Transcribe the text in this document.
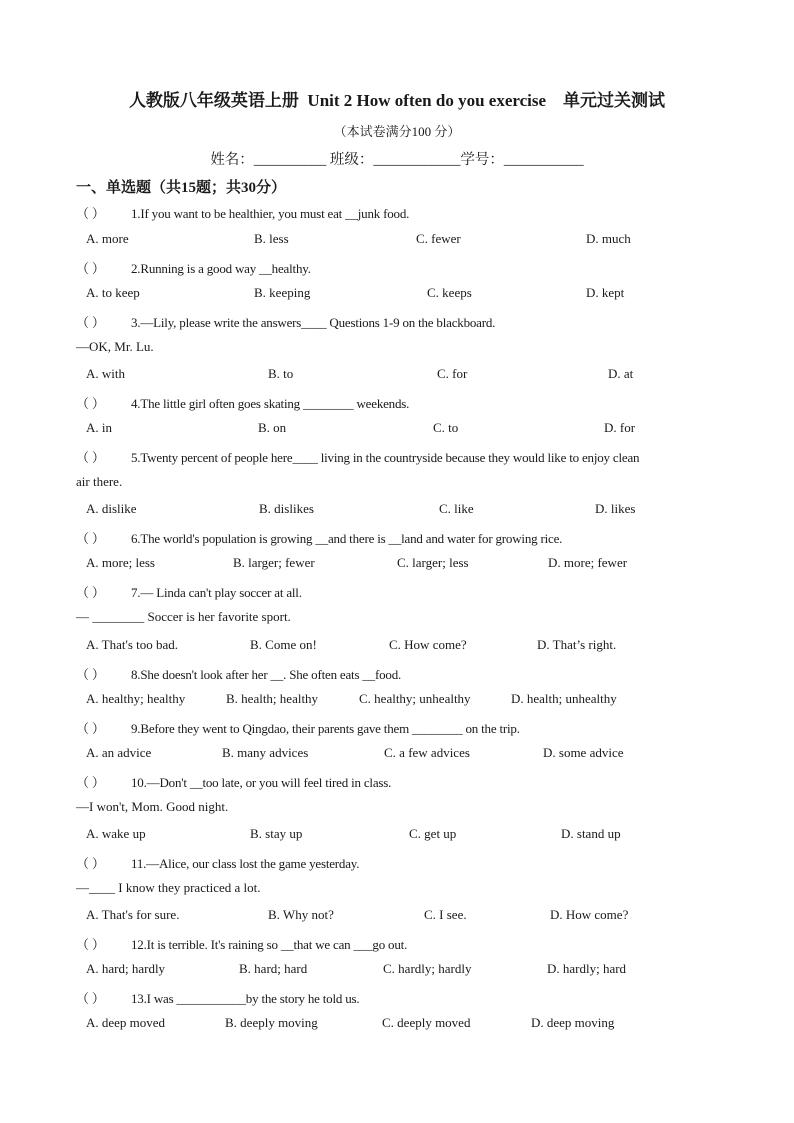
人教版八年级英语上册  Unit 2 How often do you exercise    单元过关测试
（本试卷满分100 分）
姓名：__________ 班级：____________学号：___________
一、单选题（共15题；共30分）
（ ） 1.If you want to be healthier, you must eat __junk food.
A. more	B. less	C. fewer	D. much
（ ） 2.Running is a good way __healthy.
A. to keep	B. keeping	C. keeps	D. kept
（ ） 3.—Lily, please write the answers____ Questions 1-9 on the blackboard.
—OK, Mr. Lu.
A. with	B. to	C. for	D. at
（ ） 4.The little girl often goes skating ________ weekends.
A. in	B. on	C. to	D. for
（ ） 5.Twenty percent of people here____ living in the countryside because they would like to enjoy clean
air there.
A. dislike	B. dislikes	C. like	D. likes
（ ） 6.The world's population is growing __and there is __land and water for growing rice.
A. more; less	B. larger; fewer	C. larger; less	D. more; fewer
（ ） 7.— Linda can't play soccer at all.
— ________ Soccer is her favorite sport.
A. That's too bad.	B. Come on!	C. How come?	D. That’s right.
（ ） 8.She doesn't look after her __. She often eats __food.
A. healthy; healthy	B. health; healthy	C. healthy; unhealthy	D. health; unhealthy
（ ） 9.Before they went to Qingdao, their parents gave them ________ on the trip.
A. an advice	B. many advices	C. a few advices	D. some advice
（ ） 10.—Don't __too late, or you will feel tired in class.
—I won't, Mom. Good night.
A. wake up	B. stay up	C. get up	D. stand up
（ ） 11.—Alice, our class lost the game yesterday.
—____ I know they practiced a lot.
A. That's for sure.	B. Why not?	C. I see.	D. How come?
（ ） 12.It is terrible. It's raining so __that we can ___go out.
A. hard; hardly	B. hard; hard	C. hardly; hardly	D. hardly; hard
（ ） 13.I was ___________by the story he told us.
A. deep moved	B. deeply moving	C. deeply moved	D. deep moving
